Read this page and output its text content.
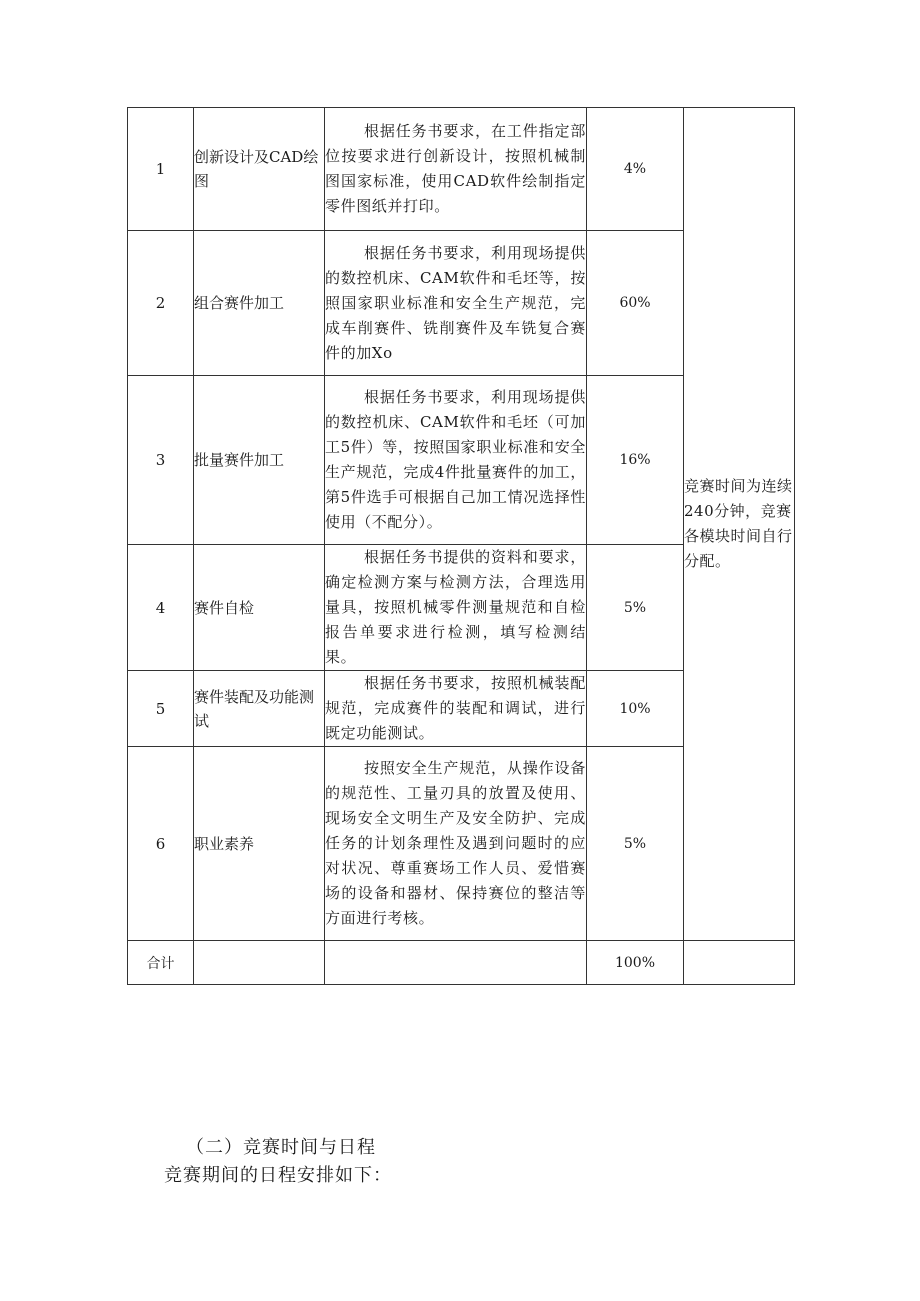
1	创新设计及CAD绘图	根据任务书要求，在工件指定部位按要求进行创新设计，按照机械制图国家标准，使用CAD软件绘制指定零件图纸并打印。	4%	竞赛时间为连续240分钟，竞赛各模块时间自行分配。
2	组合赛件加工	根据任务书要求，利用现场提供的数控机床、CAM软件和毛坯等，按照国家职业标准和安全生产规范，完成车削赛件、铣削赛件及车铣复合赛件的加Xo	60%	
3	批量赛件加工	根据任务书要求，利用现场提供的数控机床、CAM软件和毛坯（可加工5件）等，按照国家职业标准和安全生产规范，完成4件批量赛件的加工，第5件选手可根据自己加工情况选择性使用（不配分）。	16%	
4	赛件自检	根据任务书提供的资料和要求，确定检测方案与检测方法，合理选用量具，按照机械零件测量规范和自检报告单要求进行检测，填写检测结果。	5%	
5	赛件装配及功能测试	根据任务书要求，按照机械装配规范，完成赛件的装配和调试，进行既定功能测试。	10%	
6	职业素养	按照安全生产规范，从操作设备的规范性、工量刃具的放置及使用、现场安全文明生产及安全防护、完成任务的计划条理性及遇到问题时的应对状况、尊重赛场工作人员、爱惜赛场的设备和器材、保持赛位的整洁等方面进行考核。	5%	
合计			100%	
（二）竞赛时间与日程
竞赛期间的日程安排如下：
